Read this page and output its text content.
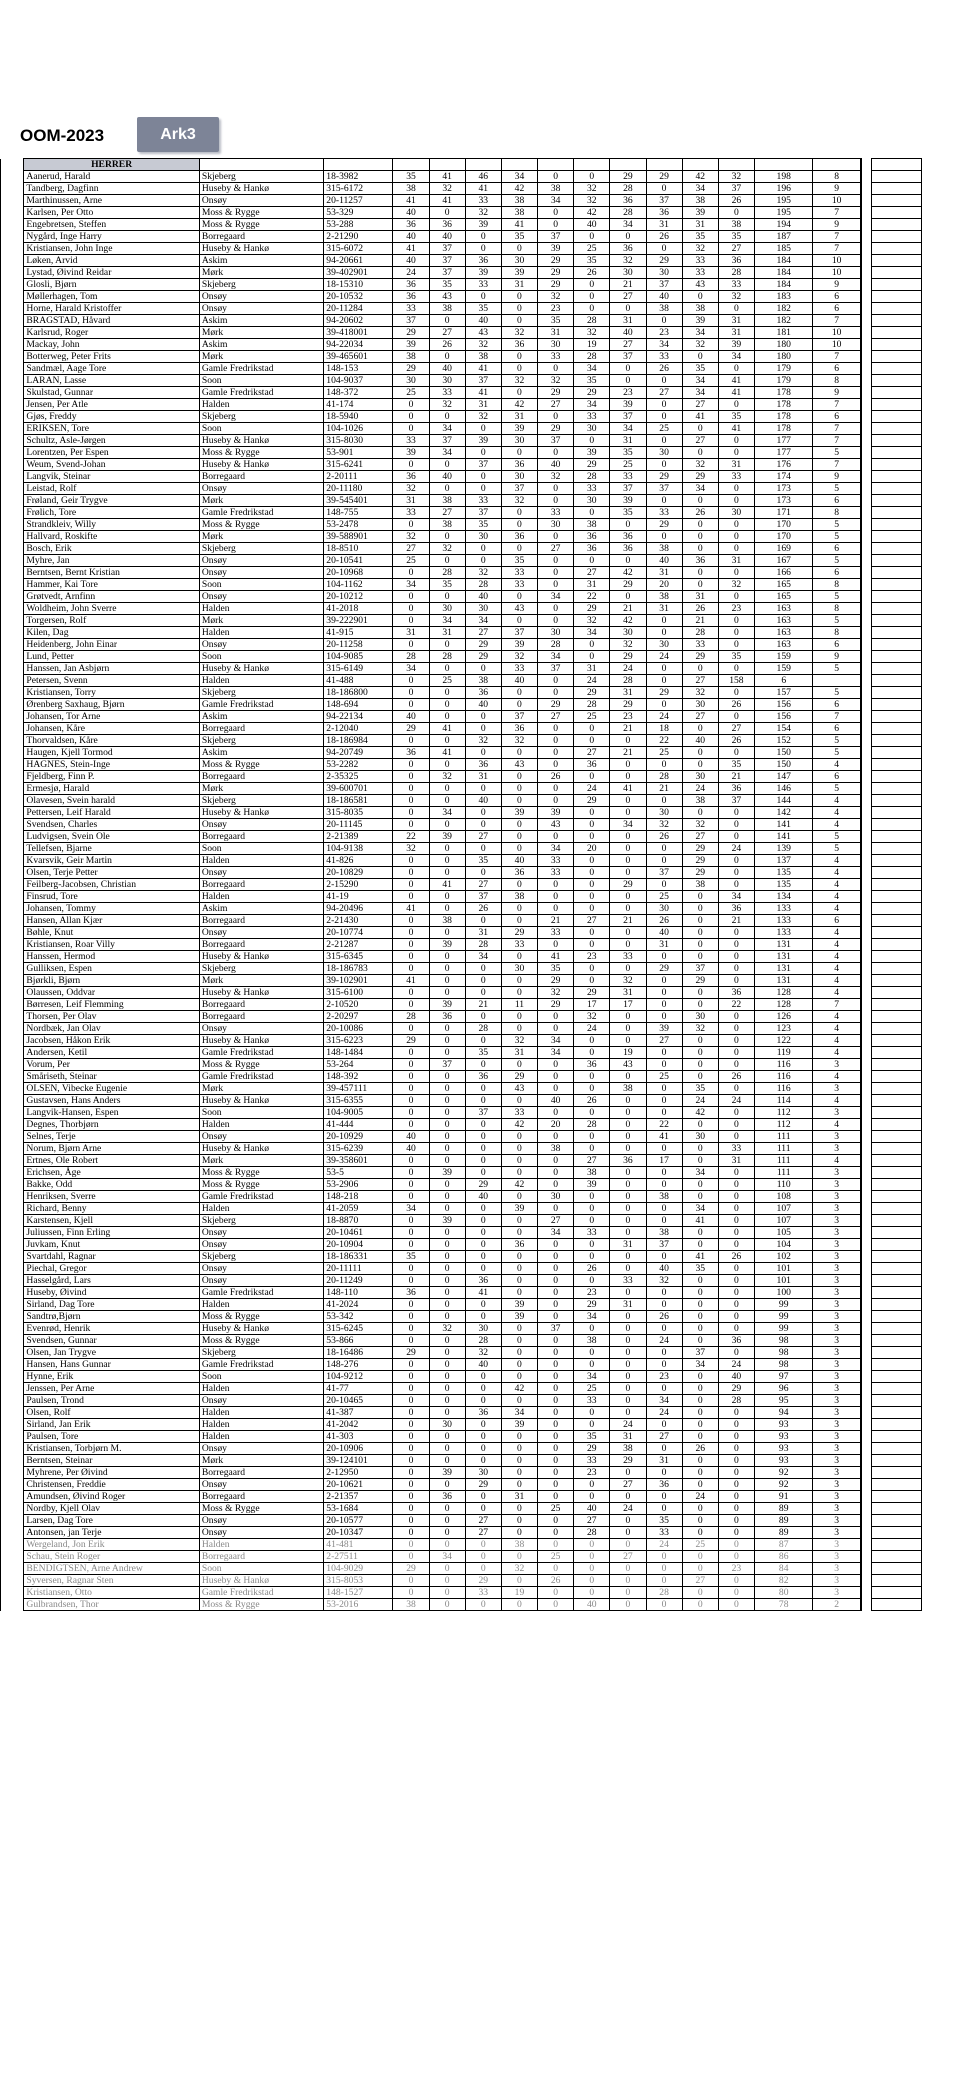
OOM-2023	Ark3
	HERRER																
	Aanerud, Harald	Skjeberg	18-3982	35	41	46	34	0	0	29	29	42	32	198	8		
	Tandberg, Dagfinn	Huseby & Hankø	315-6172	38	32	41	42	38	32	28	0	34	37	196	9		
	Marthinussen, Arne	Onsøy	20-11257	41	41	33	38	34	32	36	37	38	26	195	10		
	Karlsen, Per Otto	Moss & Rygge	53-329	40	0	32	38	0	42	28	36	39	0	195	7		
	Engebretsen, Steffen	Moss & Rygge	53-288	36	36	39	41	0	40	34	31	31	38	194	9		
	Nygård, Inge Harry	Borregaard	2-21290	40	40	0	35	37	0	0	26	35	35	187	7		
	Kristiansen, John Inge	Huseby & Hankø	315-6072	41	37	0	0	39	25	36	0	32	27	185	7		
	Løken, Arvid	Askim	94-20661	40	37	36	30	29	35	32	29	33	36	184	10		
	Lystad, Øivind Reidar	Mørk	39-402901	24	37	39	39	29	26	30	30	33	28	184	10		
	Glosli, Bjørn	Skjeberg	18-15310	36	35	33	31	29	0	21	37	43	33	184	9		
	Møllerhagen, Tom	Onsøy	20-10532	36	43	0	0	32	0	27	40	0	32	183	6		
	Horne, Harald Kristoffer	Onsøy	20-11284	33	38	35	0	23	0	0	38	38	0	182	6		
	BRAGSTAD, Håvard	Askim	94-20602	37	0	40	0	35	28	31	0	39	31	182	7		
	Karlsrud, Roger	Mørk	39-418001	29	27	43	32	31	32	40	23	34	31	181	10		
	Mackay, John	Askim	94-22034	39	26	32	36	30	19	27	34	32	39	180	10		
	Botterweg, Peter Frits	Mørk	39-465601	38	0	38	0	33	28	37	33	0	34	180	7		
	Sandmæl, Aage Tore	Gamle Fredrikstad	148-153	29	40	41	0	0	34	0	26	35	0	179	6		
	LARAN, Lasse	Soon	104-9037	30	30	37	32	32	35	0	0	34	41	179	8		
	Skulstad, Gunnar	Gamle Fredrikstad	148-372	25	33	41	0	29	29	23	27	34	41	178	9		
	Jensen, Per Atle	Halden	41-174	0	32	31	42	27	34	39	0	27	0	178	7		
	Gjøs, Freddy	Skjeberg	18-5940	0	0	32	31	0	33	37	0	41	35	178	6		
	ERIKSEN, Tore	Soon	104-1026	0	34	0	39	29	30	34	25	0	41	178	7		
	Schultz, Asle-Jørgen	Huseby & Hankø	315-8030	33	37	39	30	37	0	31	0	27	0	177	7		
	Lorentzen, Per Espen	Moss & Rygge	53-901	39	34	0	0	0	39	35	30	0	0	177	5		
	Weum, Svend-Johan	Huseby & Hankø	315-6241	0	0	37	36	40	29	25	0	32	31	176	7		
	Langvik, Steinar	Borregaard	2-20111	36	40	0	30	32	28	33	29	29	33	174	9		
	Leistad, Rolf	Onsøy	20-11180	32	0	0	37	0	33	37	37	34	0	173	5		
	Frøland, Geir Trygve	Mørk	39-545401	31	38	33	32	0	30	39	0	0	0	173	6		
	Frølich, Tore	Gamle Fredrikstad	148-755	33	27	37	0	33	0	35	33	26	30	171	8		
	Strandkleiv, Willy	Moss & Rygge	53-2478	0	38	35	0	30	38	0	29	0	0	170	5		
	Hallvard, Roskifte	Mørk	39-588901	32	0	30	36	0	36	36	0	0	0	170	5		
	Bosch, Erik	Skjeberg	18-8510	27	32	0	0	27	36	36	38	0	0	169	6		
	Myhre, Jan	Onsøy	20-10541	25	0	0	35	0	0	0	40	36	31	167	5		
	Berntsen, Bernt Kristian	Onsøy	20-10968	0	28	32	33	0	27	42	31	0	0	166	6		
	Hammer, Kai Tore	Soon	104-1162	34	35	28	33	0	31	29	20	0	32	165	8		
	Grøtvedt, Arnfinn	Onsøy	20-10212	0	0	40	0	34	22	0	38	31	0	165	5		
	Woldheim, John Sverre	Halden	41-2018	0	30	30	43	0	29	21	31	26	23	163	8		
	Torgersen, Rolf	Mørk	39-222901	0	34	34	0	0	32	42	0	21	0	163	5		
	Kilen, Dag	Halden	41-915	31	31	27	37	30	34	30	0	28	0	163	8		
	Heidenberg, John Einar	Onsøy	20-11258	0	0	29	39	28	0	32	30	33	0	163	6		
	Lund, Petter	Soon	104-9085	28	28	29	32	34	0	29	24	29	35	159	9		
	Hanssen, Jan Asbjørn	Huseby & Hankø	315-6149	34	0	0	33	37	31	24	0	0	0	159	5		
	Petersen, Svenn	Halden	41-488	0	25	38	40	0	24	28	0	27	158	6			
	Kristiansen, Torry	Skjeberg	18-186800	0	0	36	0	0	29	31	29	32	0	157	5		
	Ørenberg Saxhaug, Bjørn	Gamle Fredrikstad	148-694	0	0	40	0	29	28	29	0	30	26	156	6		
	Johansen, Tor Arne	Askim	94-22134	40	0	0	37	27	25	23	24	27	0	156	7		
	Johansen, Kåre	Borregaard	2-12040	29	41	0	36	0	0	21	18	0	27	154	6		
	Thorvaldsen, Kåre	Skjeberg	18-186984	0	0	32	32	0	0	0	22	40	26	152	5		
	Haugen, Kjell Tormod	Askim	94-20749	36	41	0	0	0	27	21	25	0	0	150	5		
	HAGNES, Stein-Inge	Moss & Rygge	53-2282	0	0	36	43	0	36	0	0	0	35	150	4		
	Fjeldberg, Finn P.	Borregaard	2-35325	0	32	31	0	26	0	0	28	30	21	147	6		
	Ermesjø, Harald	Mørk	39-600701	0	0	0	0	0	24	41	21	24	36	146	5		
	Olavesen, Svein harald	Skjeberg	18-186581	0	0	40	0	0	29	0	0	38	37	144	4		
	Pettersen, Leif Harald	Huseby & Hankø	315-8035	0	34	0	39	39	0	0	30	0	0	142	4		
	Svendsen, Charles	Onsøy	20-11145	0	0	0	0	43	0	34	32	32	0	141	4		
	Ludvigsen, Svein Ole	Borregaard	2-21389	22	39	27	0	0	0	0	26	27	0	141	5		
	Tellefsen, Bjarne	Soon	104-9138	32	0	0	0	34	20	0	0	29	24	139	5		
	Kvarsvik, Geir Martin	Halden	41-826	0	0	35	40	33	0	0	0	29	0	137	4		
	Olsen, Terje Petter	Onsøy	20-10829	0	0	0	36	33	0	0	37	29	0	135	4		
	Feilberg-Jacobsen, Christian	Borregaard	2-15290	0	41	27	0	0	0	29	0	38	0	135	4		
	Finsrud, Tore	Halden	41-19	0	0	37	38	0	0	0	25	0	34	134	4		
	Johansen, Tommy	Askim	94-20496	41	0	26	0	0	0	0	30	0	36	133	4		
	Hansen, Allan Kjær	Borregaard	2-21430	0	38	0	0	21	27	21	26	0	21	133	6		
	Bøhle, Knut	Onsøy	20-10774	0	0	31	29	33	0	0	40	0	0	133	4		
	Kristiansen, Roar Villy	Borregaard	2-21287	0	39	28	33	0	0	0	31	0	0	131	4		
	Hanssen, Hermod	Huseby & Hankø	315-6345	0	0	34	0	41	23	33	0	0	0	131	4		
	Gulliksen, Espen	Skjeberg	18-186783	0	0	0	30	35	0	0	29	37	0	131	4		
	Bjørkli, Bjørn	Mørk	39-102901	41	0	0	0	29	0	32	0	29	0	131	4		
	Olaussen, Oddvar	Huseby & Hankø	315-6100	0	0	0	0	32	29	31	0	0	36	128	4		
	Børresen, Leif Flemming	Borregaard	2-10520	0	39	21	11	29	17	17	0	0	22	128	7		
	Thorsen, Per Olav	Borregaard	2-20297	28	36	0	0	0	32	0	0	30	0	126	4		
	Nordbæk, Jan Olav	Onsøy	20-10086	0	0	28	0	0	24	0	39	32	0	123	4		
	Jacobsen, Håkon Erik	Huseby & Hankø	315-6223	29	0	0	32	34	0	0	27	0	0	122	4		
	Andersen, Ketil	Gamle Fredrikstad	148-1484	0	0	35	31	34	0	19	0	0	0	119	4		
	Vorum, Per	Moss & Rygge	53-264	0	37	0	0	0	36	43	0	0	0	116	3		
	Småriseth, Steinar	Gamle Fredrikstad	148-392	0	0	36	29	0	0	0	25	0	26	116	4		
	OLSEN, Vibecke Eugenie	Mørk	39-457111	0	0	0	43	0	0	38	0	35	0	116	3		
	Gustavsen, Hans Anders	Huseby & Hankø	315-6355	0	0	0	0	40	26	0	0	24	24	114	4		
	Langvik-Hansen, Espen	Soon	104-9005	0	0	37	33	0	0	0	0	42	0	112	3		
	Degnes, Thorbjørn	Halden	41-444	0	0	0	42	20	28	0	22	0	0	112	4		
	Selnes, Terje	Onsøy	20-10929	40	0	0	0	0	0	0	41	30	0	111	3		
	Norum, Bjørn Arne	Huseby & Hankø	315-6239	40	0	0	0	38	0	0	0	0	33	111	3		
	Ertnes, Ole Robert	Mørk	39-358601	0	0	0	0	0	27	36	17	0	31	111	4		
	Erichsen, Åge	Moss & Rygge	53-5	0	39	0	0	0	38	0	0	34	0	111	3		
	Bakke, Odd	Moss & Rygge	53-2906	0	0	29	42	0	39	0	0	0	0	110	3		
	Henriksen, Sverre	Gamle Fredrikstad	148-218	0	0	40	0	30	0	0	38	0	0	108	3		
	Richard, Benny	Halden	41-2059	34	0	0	39	0	0	0	0	34	0	107	3		
	Karstensen, Kjell	Skjeberg	18-8870	0	39	0	0	27	0	0	0	41	0	107	3		
	Juliussen, Finn Erling	Onsøy	20-10461	0	0	0	0	34	33	0	38	0	0	105	3		
	Juvkam, Knut	Onsøy	20-10904	0	0	0	36	0	0	31	37	0	0	104	3		
	Svartdahl, Ragnar	Skjeberg	18-186331	35	0	0	0	0	0	0	0	41	26	102	3		
	Piechal, Gregor	Onsøy	20-11111	0	0	0	0	0	26	0	40	35	0	101	3		
	Hasselgård, Lars	Onsøy	20-11249	0	0	36	0	0	0	33	32	0	0	101	3		
	Huseby, Øivind	Gamle Fredrikstad	148-110	36	0	41	0	0	23	0	0	0	0	100	3		
	Sirland, Dag Tore	Halden	41-2024	0	0	0	39	0	29	31	0	0	0	99	3		
	Sandtrø,Bjørn	Moss & Rygge	53-342	0	0	0	39	0	34	0	26	0	0	99	3		
	Evenrød, Henrik	Huseby & Hankø	315-6245	0	32	30	0	37	0	0	0	0	0	99	3		
	Svendsen, Gunnar	Moss & Rygge	53-866	0	0	28	0	0	38	0	24	0	36	98	3		
	Olsen, Jan Trygve	Skjeberg	18-16486	29	0	32	0	0	0	0	0	37	0	98	3		
	Hansen, Hans Gunnar	Gamle Fredrikstad	148-276	0	0	40	0	0	0	0	0	34	24	98	3		
	Hynne, Erik	Soon	104-9212	0	0	0	0	0	34	0	23	0	40	97	3		
	Jenssen, Per Arne	Halden	41-77	0	0	0	42	0	25	0	0	0	29	96	3		
	Paulsen, Trond	Onsøy	20-10465	0	0	0	0	0	33	0	34	0	28	95	3		
	Olsen, Rolf	Halden	41-387	0	0	36	34	0	0	0	24	0	0	94	3		
	Sirland, Jan Erik	Halden	41-2042	0	30	0	39	0	0	24	0	0	0	93	3		
	Paulsen, Tore	Halden	41-303	0	0	0	0	0	35	31	27	0	0	93	3		
	Kristiansen, Torbjørn M.	Onsøy	20-10906	0	0	0	0	0	29	38	0	26	0	93	3		
	Berntsen, Steinar	Mørk	39-124101	0	0	0	0	0	33	29	31	0	0	93	3		
	Myhrene, Per Øivind	Borregaard	2-12950	0	39	30	0	0	23	0	0	0	0	92	3		
	Christensen, Freddie	Onsøy	20-10621	0	0	29	0	0	0	27	36	0	0	92	3		
	Amundsen, Øivind Roger	Borregaard	2-21357	0	36	0	31	0	0	0	0	24	0	91	3		
	Nordby, Kjell Olav	Moss & Rygge	53-1684	0	0	0	0	25	40	24	0	0	0	89	3		
	Larsen, Dag Tore	Onsøy	20-10577	0	0	27	0	0	27	0	35	0	0	89	3		
	Antonsen, jan Terje	Onsøy	20-10347	0	0	27	0	0	28	0	33	0	0	89	3		
	Wergeland, Jon Erik	Halden	41-481	0	0	0	38	0	0	0	24	25	0	87	3		
	Schau, Stein Roger	Borregaard	2-27511	0	34	0	0	25	0	27	0	0	0	86	3		
	BENDIGTSEN, Arne Andrew	Soon	104-9029	29	0	0	32	0	0	0	0	0	23	84	3		
	Syversen, Ragnar Sten	Huseby & Hankø	315-8053	0	0	29	0	26	0	0	0	27	0	82	3		
	Kristiansen, Otto	Gamle Fredrikstad	148-1527	0	0	33	19	0	0	0	28	0	0	80	3		
	Gulbrandsen, Thor	Moss & Rygge	53-2016	38	0	0	0	0	40	0	0	0	0	78	2		
